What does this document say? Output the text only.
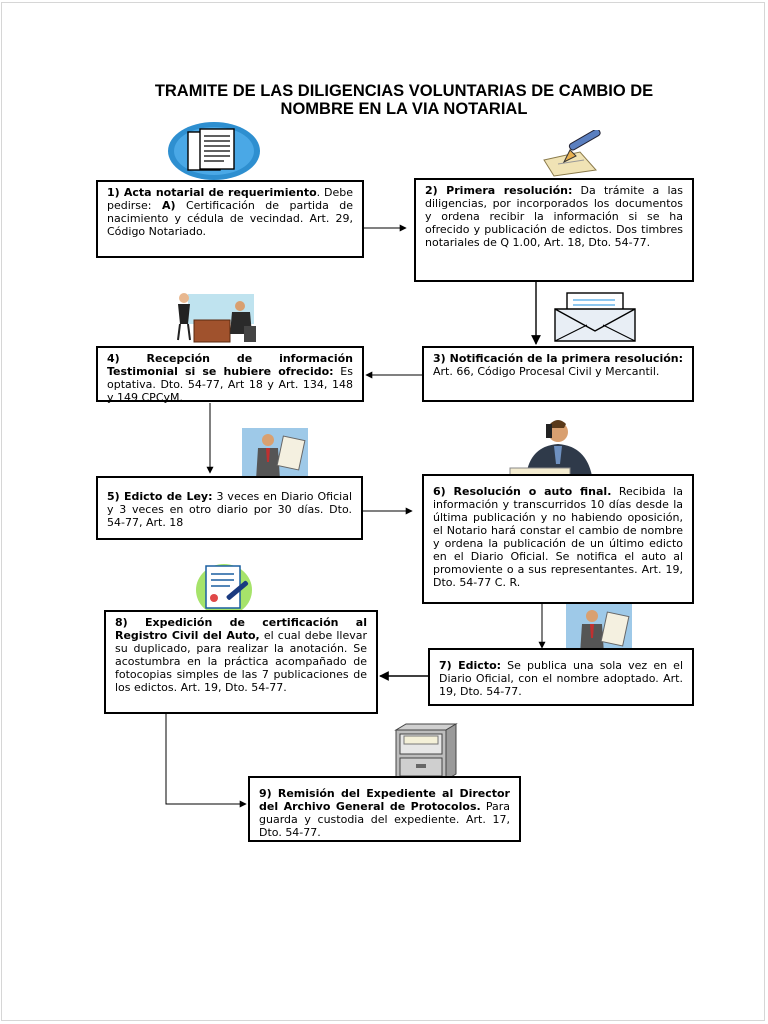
TRAMITE DE LAS DILIGENCIAS VOLUNTARIAS DE CAMBIO DE
NOMBRE EN LA VIA NOTARIAL
1) Acta notarial de requerimiento. Debe pedirse: A) Certificación de partida de nacimiento y cédula de vecindad. Art. 29, Código Notariado.
2) Primera resolución: Da trámite a las diligencias, por incorporados los documentos y ordena recibir la información si se ha ofrecido y publicación de edictos. Dos timbres notariales de Q 1.00, Art. 18, Dto. 54-77.
3) Notificación de la primera resolución: Art. 66, Código Procesal Civil y Mercantil.
4) Recepción de información Testimonial si se hubiere ofrecido: Es optativa. Dto. 54-77, Art 18 y Art. 134, 148 y 149 CPCyM.
5) Edicto de Ley: 3 veces en Diario Oficial y 3 veces en otro diario por 30 días. Dto. 54-77, Art. 18
6) Resolución o auto final. Recibida la información y transcurridos 10 días desde la última publicación y no habiendo oposición, el Notario hará constar el cambio de nombre y ordena la publicación de un último edicto en el Diario Oficial. Se notifica el auto al promoviente o a sus representantes. Art. 19, Dto. 54-77 C. R.
8) Expedición de certificación al Registro Civil del Auto, el cual debe llevar su duplicado, para realizar la anotación. Se acostumbra en la práctica acompañado de fotocopias simples de las 7 publicaciones de los edictos. Art. 19, Dto. 54-77.
7) Edicto: Se publica una sola vez en el Diario Oficial, con el nombre adoptado. Art. 19, Dto. 54-77.
9) Remisión del Expediente al Director del Archivo General de Protocolos. Para guarda y custodia del expediente. Art. 17, Dto. 54-77.
